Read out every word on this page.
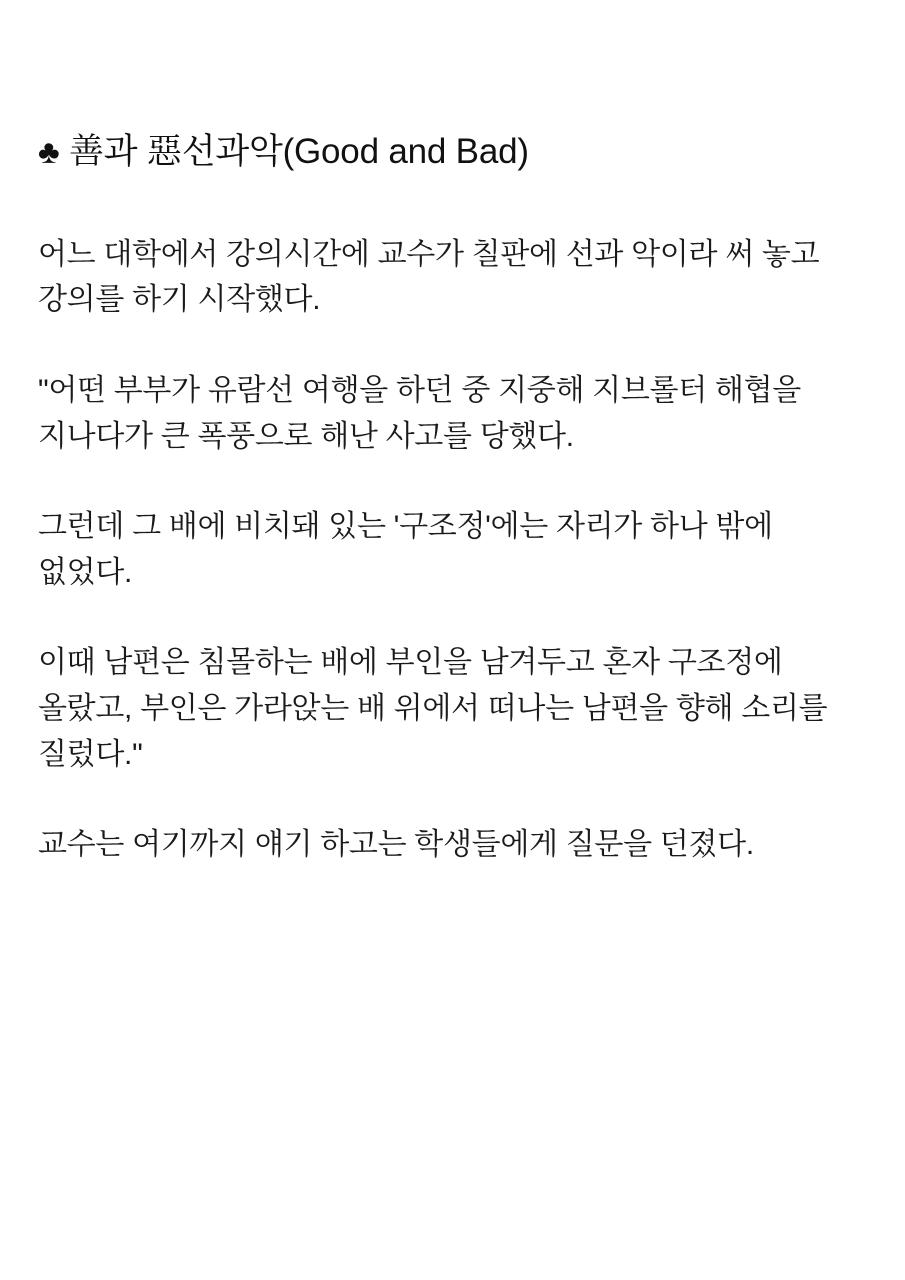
♣ 善과 惡선과악(Good and Bad)

어느 대학에서 강의시간에 교수가 칠판에 선과 악이라 써 놓고 강의를 하기 시작했다.

"어떤 부부가 유람선 여행을 하던 중 지중해 지브롤터 해협을 지나다가 큰 폭풍으로 해난 사고를 당했다.

그런데 그 배에 비치돼 있는 '구조정'에는 자리가 하나 밖에 없었다.

이때 남편은 침몰하는 배에 부인을 남겨두고 혼자 구조정에 올랐고, 부인은 가라앉는 배 위에서 떠나는 남편을 향해 소리를 질렀다."

교수는 여기까지 얘기 하고는 학생들에게 질문을 던졌다.
